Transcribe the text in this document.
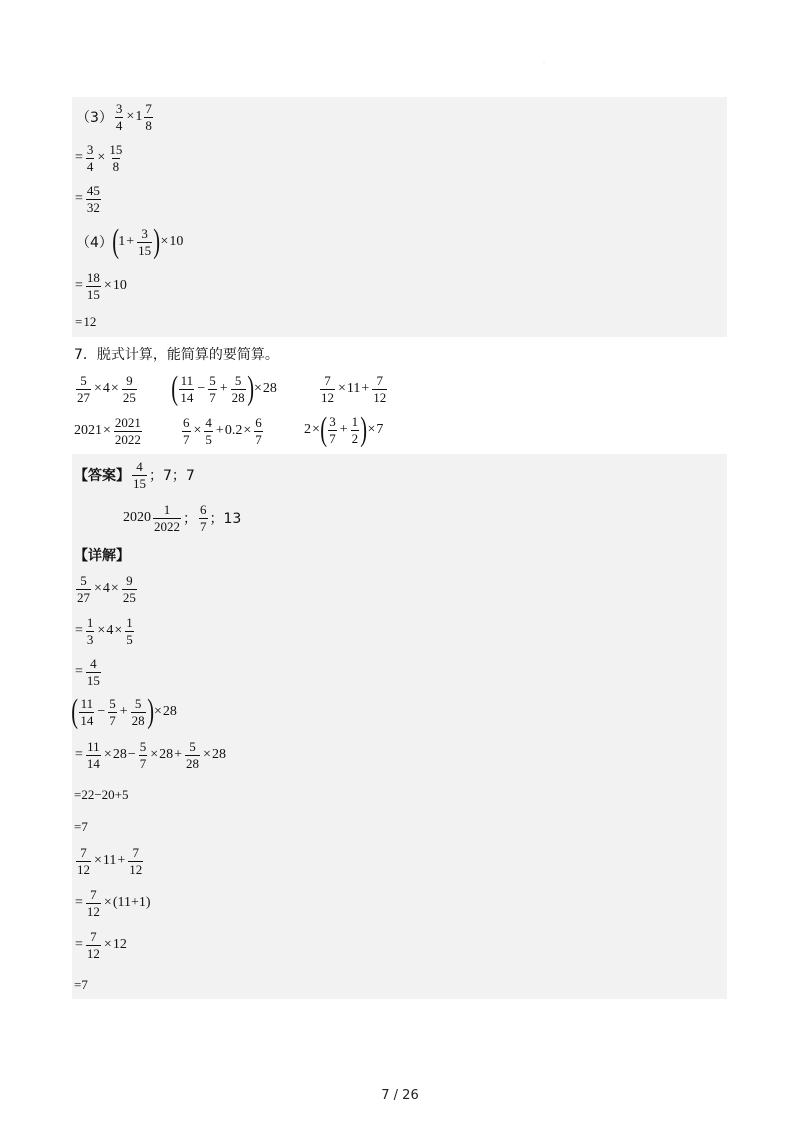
·
$(3) \frac{3}{4} \times 1 \frac{7}{8}$
= $\frac{3}{4} \times \frac{15}{8}$
= $\frac{45}{32}$
（4） ( $1 + \frac{3}{15}$ ) × 10
= $\frac{18}{15} \times 10$
= 12
7．脱式计算，能简算的要简算。
$\frac{5}{27} \times 4 \times \frac{9}{25}$ ( $\frac{11}{14} - \frac{5}{7} + \frac{5}{28}$ ) × 28	$\frac{7}{12} \times 11 + \frac{7}{12}$
$2021 \times \frac{2021}{2022}$	$\frac{6}{7} \times \frac{4}{5} + 0.2 \times \frac{6}{7}$	2 × ( $\frac{3}{7} + \frac{1}{2}$ ) × 7
【答案】 $\frac{4}{15}$ ；7；7
$2020 \frac{1}{2022}$ ； $\frac{6}{7}$ ；13
【详解】
$\frac{5}{27} \times 4 \times \frac{9}{25}$
= $\frac{1}{3} \times 4 \times \frac{1}{5}$
= $\frac{4}{15}$
( $\frac{11}{14} - \frac{5}{7} + \frac{5}{28}$ ) × 28
= $\frac{11}{14} \times 28 - \frac{5}{7} \times 28 + \frac{5}{28} \times 28$
=22−20+5
=7
$\frac{7}{12} \times 11 + \frac{7}{12}$
= $\frac{7}{12} \times (11+1)$
= $\frac{7}{12} \times 12$
=7
7 / 26
